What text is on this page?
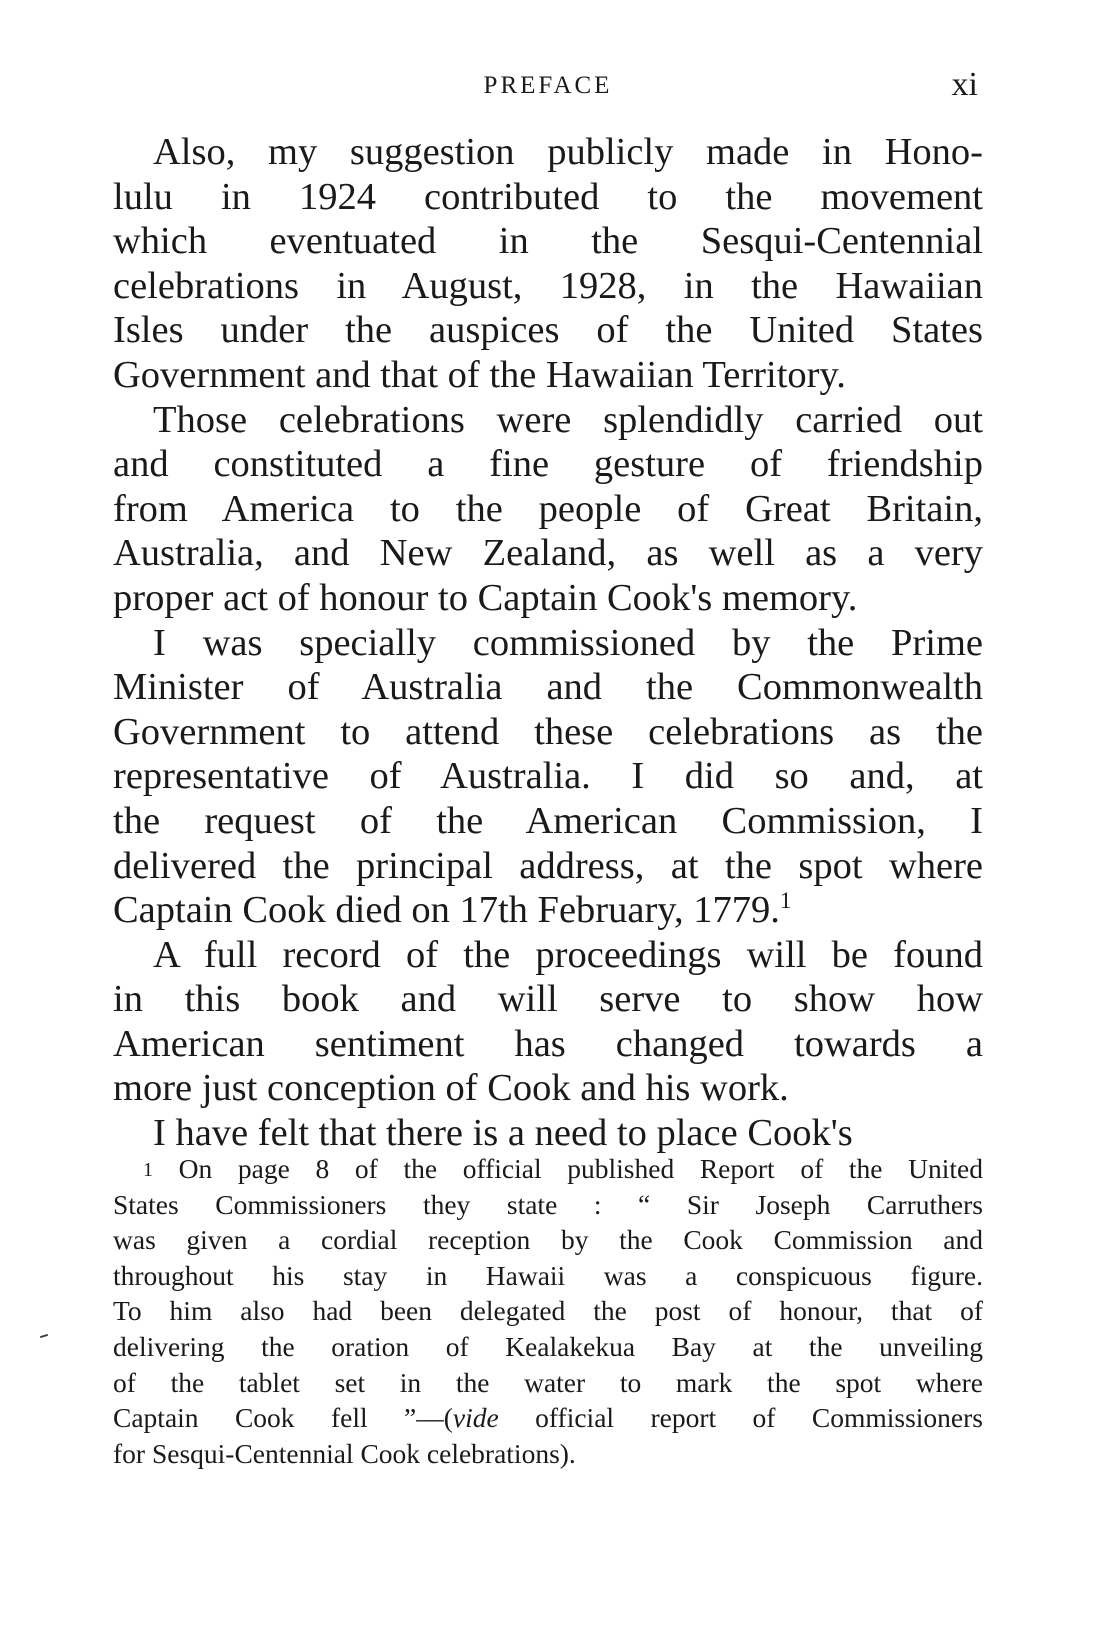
PREFACE	xi
Also, my suggestion publicly made in Hono-
lulu in 1924 contributed to the movement
which eventuated in the Sesqui-Centennial
celebrations in August, 1928, in the Hawaiian
Isles under the auspices of the United States
Government and that of the Hawaiian Territory.
Those celebrations were splendidly carried out
and constituted a fine gesture of friendship
from America to the people of Great Britain,
Australia, and New Zealand, as well as a very
proper act of honour to Captain Cook's memory.
I was specially commissioned by the Prime
Minister of Australia and the Commonwealth
Government to attend these celebrations as the
representative of Australia. I did so and, at
the request of the American Commission, I
delivered the principal address, at the spot where
Captain Cook died on 17th February, 1779.$^1$
A full record of the proceedings will be found
in this book and will serve to show how
American sentiment has changed towards a
more just conception of Cook and his work.
I have felt that there is a need to place Cook's
1 On page 8 of the official published Report of the United
States Commissioners they state : “ Sir Joseph Carruthers
was given a cordial reception by the Cook Commission and
throughout his stay in Hawaii was a conspicuous figure.
To him also had been delegated the post of honour, that of
delivering the oration of Kealakekua Bay at the unveiling
of the tablet set in the water to mark the spot where
Captain Cook fell ”—(vide official report of Commissioners
for Sesqui-Centennial Cook celebrations).
